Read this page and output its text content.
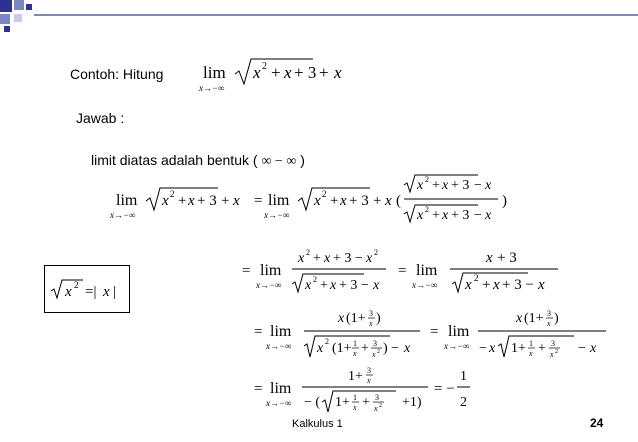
Contoh: Hitung lim
x→−∞
x 2 + x + 3 + x
Jawab :
limit diatas adalah bentuk ( ∞ − ∞ )
lim
x→−∞
x 2 + x + 3 + x = lim
x→−∞
x 2 + x + 3 + x (
x 2 + x + 3 − x
x 2 + x + 3 − x
)
x 2 =| x |
= lim
x→−∞
x 2 + x + 3 − x 2
x 2 + x + 3 − x
= lim
x→−∞
x + 3
x 2 + x + 3 − x
= lim
x→−∞
x (1+ 3
x )
x 2 (1+ 1
x + 3
x 2 ) − x
= lim
x→−∞
x (1+ 3
x )
− x 1+ 1
x + 3
x 2 − x
= lim
x→−∞
1+ 3
x
− ( 1+ 1
x + 3
x 2 +1)
= −
1
2
Kalkulus 1	24
